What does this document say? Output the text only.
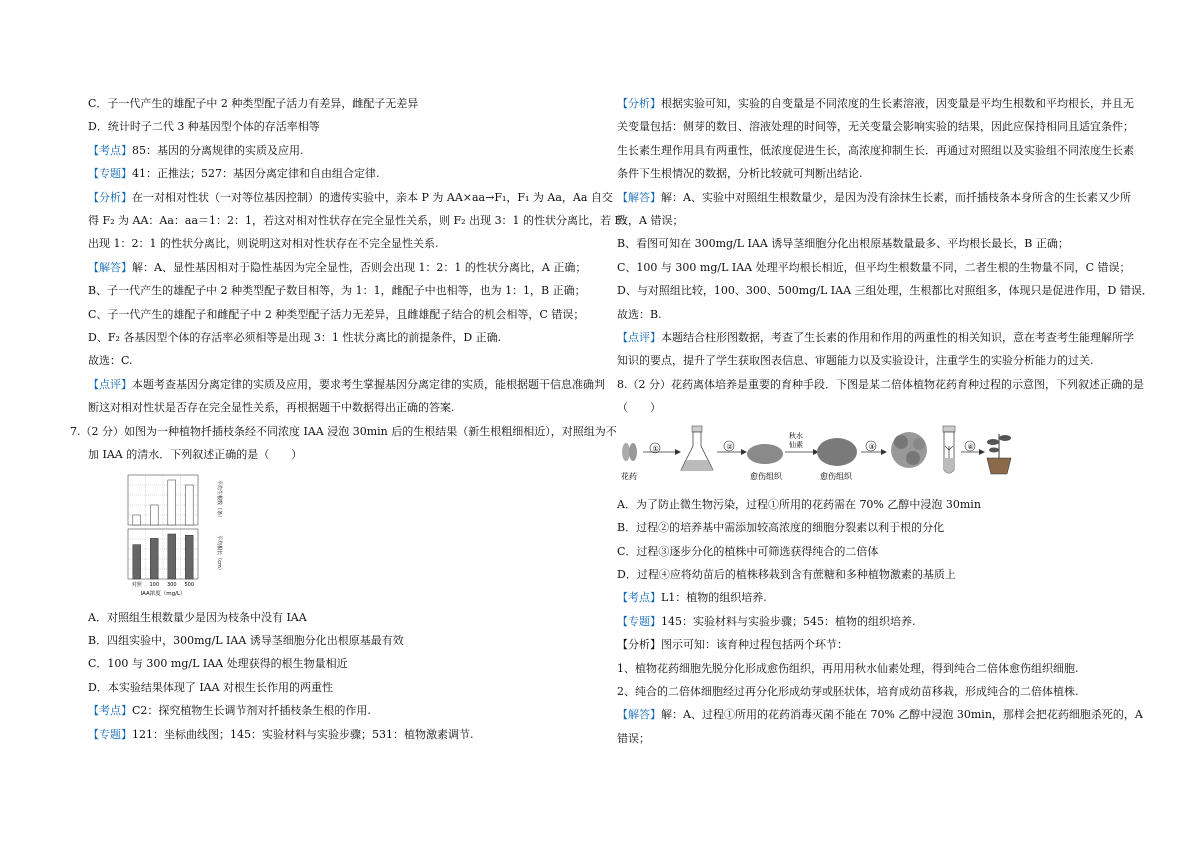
C．子一代产生的雄配子中 2 种类型配子活力有差异，雌配子无差异
D．统计时子二代 3 种基因型个体的存活率相等
【考点】85：基因的分离规律的实质及应用.
【专题】41：正推法；527：基因分离定律和自由组合定律.
【分析】在一对相对性状（一对等位基因控制）的遗传实验中，亲本 P 为 AA×aa→F₁，F₁ 为 Aa，Aa 自交
得 F₂ 为 AA：Aa：aa＝1：2：1，若这对相对性状存在完全显性关系，则 F₂ 出现 3：1 的性状分离比，若 F₂
出现 1：2：1 的性状分离比，则说明这对相对性状存在不完全显性关系.
【解答】解：A、显性基因相对于隐性基因为完全显性，否则会出现 1：2：1 的性状分离比，A 正确；
B、子一代产生的雄配子中 2 种类型配子数目相等，为 1：1，雌配子中也相等，也为 1：1，B 正确；
C、子一代产生的雄配子和雌配子中 2 种类型配子活力无差异，且雌雄配子结合的机会相等，C 错误；
D、F₂ 各基因型个体的存活率必须相等是出现 3：1 性状分离比的前提条件，D 正确.
故选：C.
【点评】本题考查基因分离定律的实质及应用，要求考生掌握基因分离定律的实质，能根据题干信息准确判
断这对相对性状是否存在完全显性关系，再根据题干中数据得出正确的答案.
7.（2 分）如图为一种植物扦插枝条经不同浓度 IAA 浸泡 30min 后的生根结果（新生根粗细相近），对照组为不
加 IAA 的清水．下列叙述正确的是（　　）
平均生根数（条）
平均根长（cm）
对照 100 300 500
IAA浓度（mg/L）
A．对照组生根数量少是因为枝条中没有 IAA
B．四组实验中，300mg/L IAA 诱导茎细胞分化出根原基最有效
C．100 与 300 mg/L IAA 处理获得的根生物量相近
D．本实验结果体现了 IAA 对根生长作用的两重性
【考点】C2：探究植物生长调节剂对扦插枝条生根的作用.
【专题】121：坐标曲线图；145：实验材料与实验步骤；531：植物激素调节.
【分析】根据实验可知，实验的自变量是不同浓度的生长素溶液，因变量是平均生根数和平均根长，并且无
关变量包括：侧芽的数目、溶液处理的时间等，无关变量会影响实验的结果，因此应保持相同且适宜条件；
生长素生理作用具有两重性，低浓度促进生长，高浓度抑制生长．再通过对照组以及实验组不同浓度生长素
条件下生根情况的数据，分析比较就可判断出结论.
【解答】解：A、实验中对照组生根数量少，是因为没有涂抹生长素，而扦插枝条本身所含的生长素又少所
致，A 错误；
B、看图可知在 300mg/L IAA 诱导茎细胞分化出根原基数量最多、平均根长最长，B 正确；
C、100 与 300 mg/L IAA 处理平均根长相近，但平均生根数量不同，二者生根的生物量不同，C 错误；
D、与对照组比较，100、300、500mg/L IAA 三组处理，生根都比对照组多，体现只是促进作用，D 错误．
故选：B.
【点评】本题结合柱形图数据，考查了生长素的作用和作用的两重性的相关知识，意在考查考生能理解所学
知识的要点，提升了学生获取图表信息、审题能力以及实验设计，注重学生的实验分析能力的过关.
8.（2 分）花药离体培养是重要的育种手段．下图是某二倍体植物花药育种过程的示意图，下列叙述正确的是
（　　）
花药
①	②
愈伤组织
秋水
仙素
愈伤组织
③	④
A．为了防止微生物污染，过程①所用的花药需在 70% 乙醇中浸泡 30min
B．过程②的培养基中需添加较高浓度的细胞分裂素以利于根的分化
C．过程③逐步分化的植株中可筛选获得纯合的二倍体
D．过程④应将幼苗后的植株移栽到含有蔗糖和多种植物激素的基质上
【考点】L1：植物的组织培养.
【专题】145：实验材料与实验步骤；545：植物的组织培养.
【分析】图示可知：该育种过程包括两个环节：
1、植物花药细胞先脱分化形成愈伤组织，再用用秋水仙素处理，得到纯合二倍体愈伤组织细胞.
2、纯合的二倍体细胞经过再分化形成幼芽或胚状体，培育成幼苗移栽，形成纯合的二倍体植株.
【解答】解：A、过程①所用的花药消毒灭菌不能在 70% 乙醇中浸泡 30min，那样会把花药细胞杀死的，A
错误；
